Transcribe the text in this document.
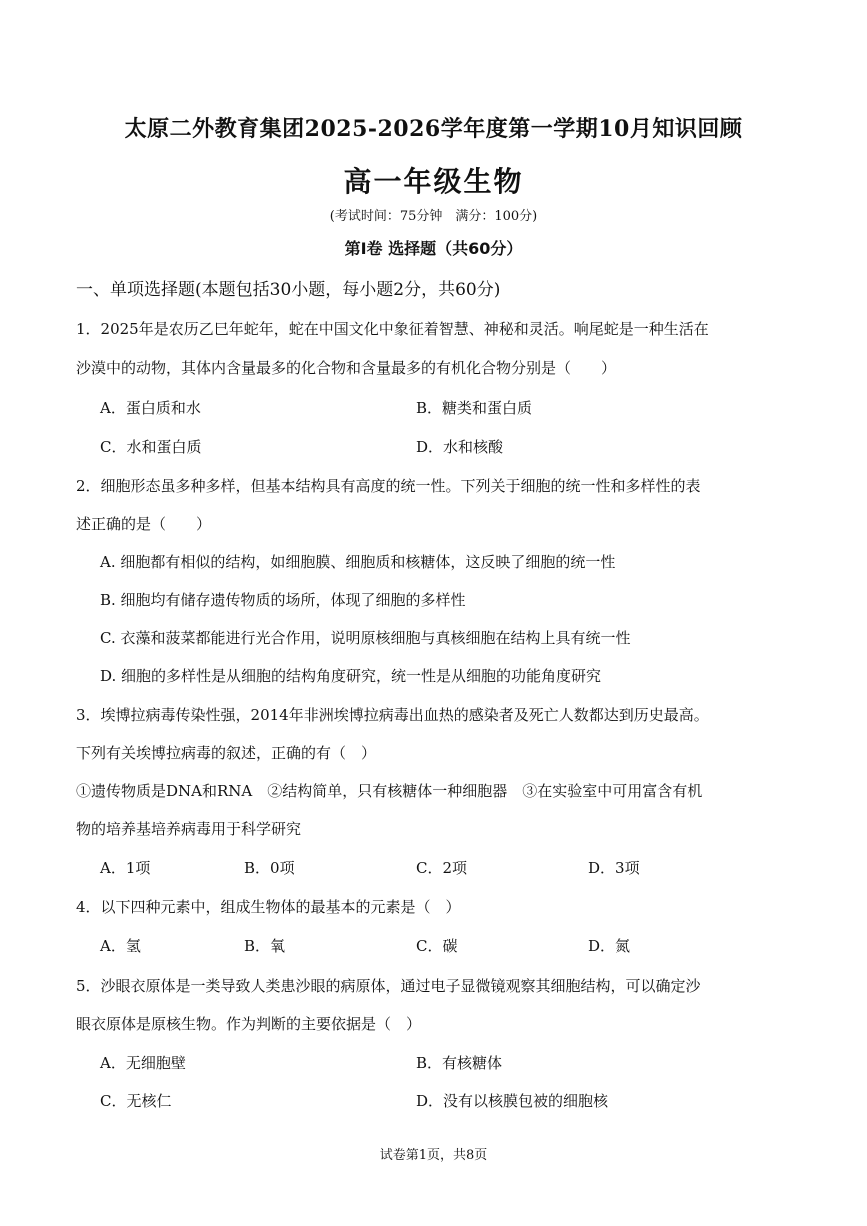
太原二外教育集团2025-2026学年度第一学期10月知识回顾
高一年级生物
(考试时间：75分钟　满分：100分)
第Ⅰ卷 选择题（共60分）
一、单项选择题(本题包括30小题，每小题2分，共60分)
1．2025年是农历乙巳年蛇年，蛇在中国文化中象征着智慧、神秘和灵活。响尾蛇是一种生活在
沙漠中的动物，其体内含量最多的化合物和含量最多的有机化合物分别是（　　）
A．蛋白质和水	B．糖类和蛋白质
C．水和蛋白质	D．水和核酸
2．细胞形态虽多种多样，但基本结构具有高度的统一性。下列关于细胞的统一性和多样性的表
述正确的是（　　）
A. 细胞都有相似的结构，如细胞膜、细胞质和核糖体，这反映了细胞的统一性
B. 细胞均有储存遗传物质的场所，体现了细胞的多样性
C. 衣藻和菠菜都能进行光合作用，说明原核细胞与真核细胞在结构上具有统一性
D. 细胞的多样性是从细胞的结构角度研究，统一性是从细胞的功能角度研究
3．埃博拉病毒传染性强，2014年非洲埃博拉病毒出血热的感染者及死亡人数都达到历史最高。
下列有关埃博拉病毒的叙述，正确的有（　）
①遗传物质是DNA和RNA　②结构简单，只有核糖体一种细胞器　③在实验室中可用富含有机
物的培养基培养病毒用于科学研究
A．1项	B．0项	C．2项	D．3项
4．以下四种元素中，组成生物体的最基本的元素是（　）
A．氢	B．氧	C．碳	D．氮
5．沙眼衣原体是一类导致人类患沙眼的病原体，通过电子显微镜观察其细胞结构，可以确定沙
眼衣原体是原核生物。作为判断的主要依据是（　）
A．无细胞壁	B．有核糖体
C．无核仁	D．没有以核膜包被的细胞核
试卷第1页，共8页
